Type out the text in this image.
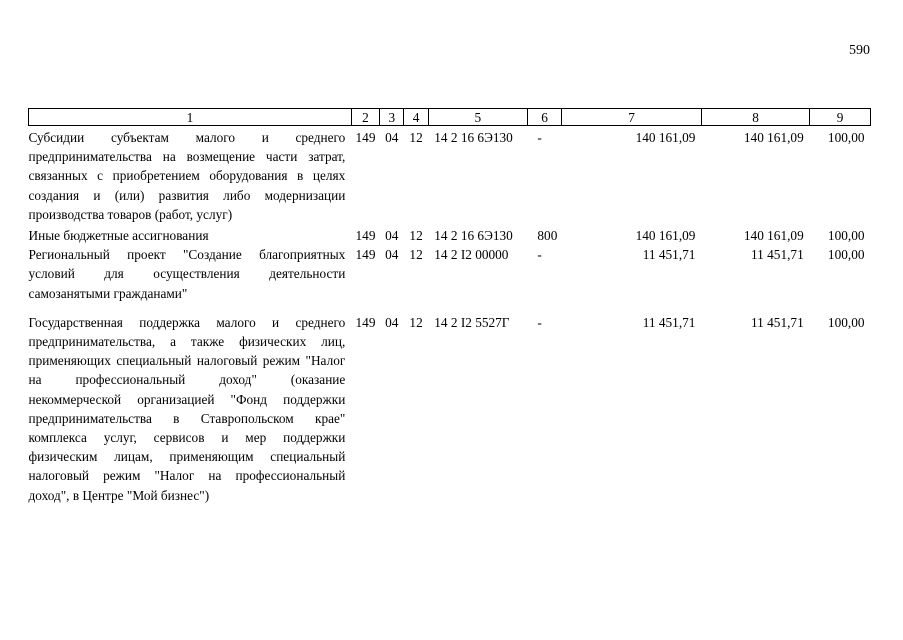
590
1	2	3	4	5	6	7	8	9
Субсидии субъектам малого и среднего предпринимательства на возмещение части затрат, связанных с приобретением оборудования в целях создания и (или) развития либо модернизации производства товаров (работ, услуг)	149	04	12	14 2 16 6Э130	-	140 161,09	140 161,09	100,00
Иные бюджетные ассигнования	149	04	12	14 2 16 6Э130	800	140 161,09	140 161,09	100,00
Региональный проект "Создание благоприятных условий для осуществления деятельности самозанятыми гражданами"	149	04	12	14 2 I2 00000	-	11 451,71	11 451,71	100,00
Государственная поддержка малого и среднего предпринимательства, а также физических лиц, применяющих специальный налоговый режим "Налог на профессиональный доход" (оказание некоммерческой организацией "Фонд поддержки предпринимательства в Ставропольском крае" комплекса услуг, сервисов и мер поддержки физическим лицам, применяющим специальный налоговый режим "Налог на профессиональный доход", в Центре "Мой бизнес")	149	04	12	14 2 I2 5527Г	-	11 451,71	11 451,71	100,00
